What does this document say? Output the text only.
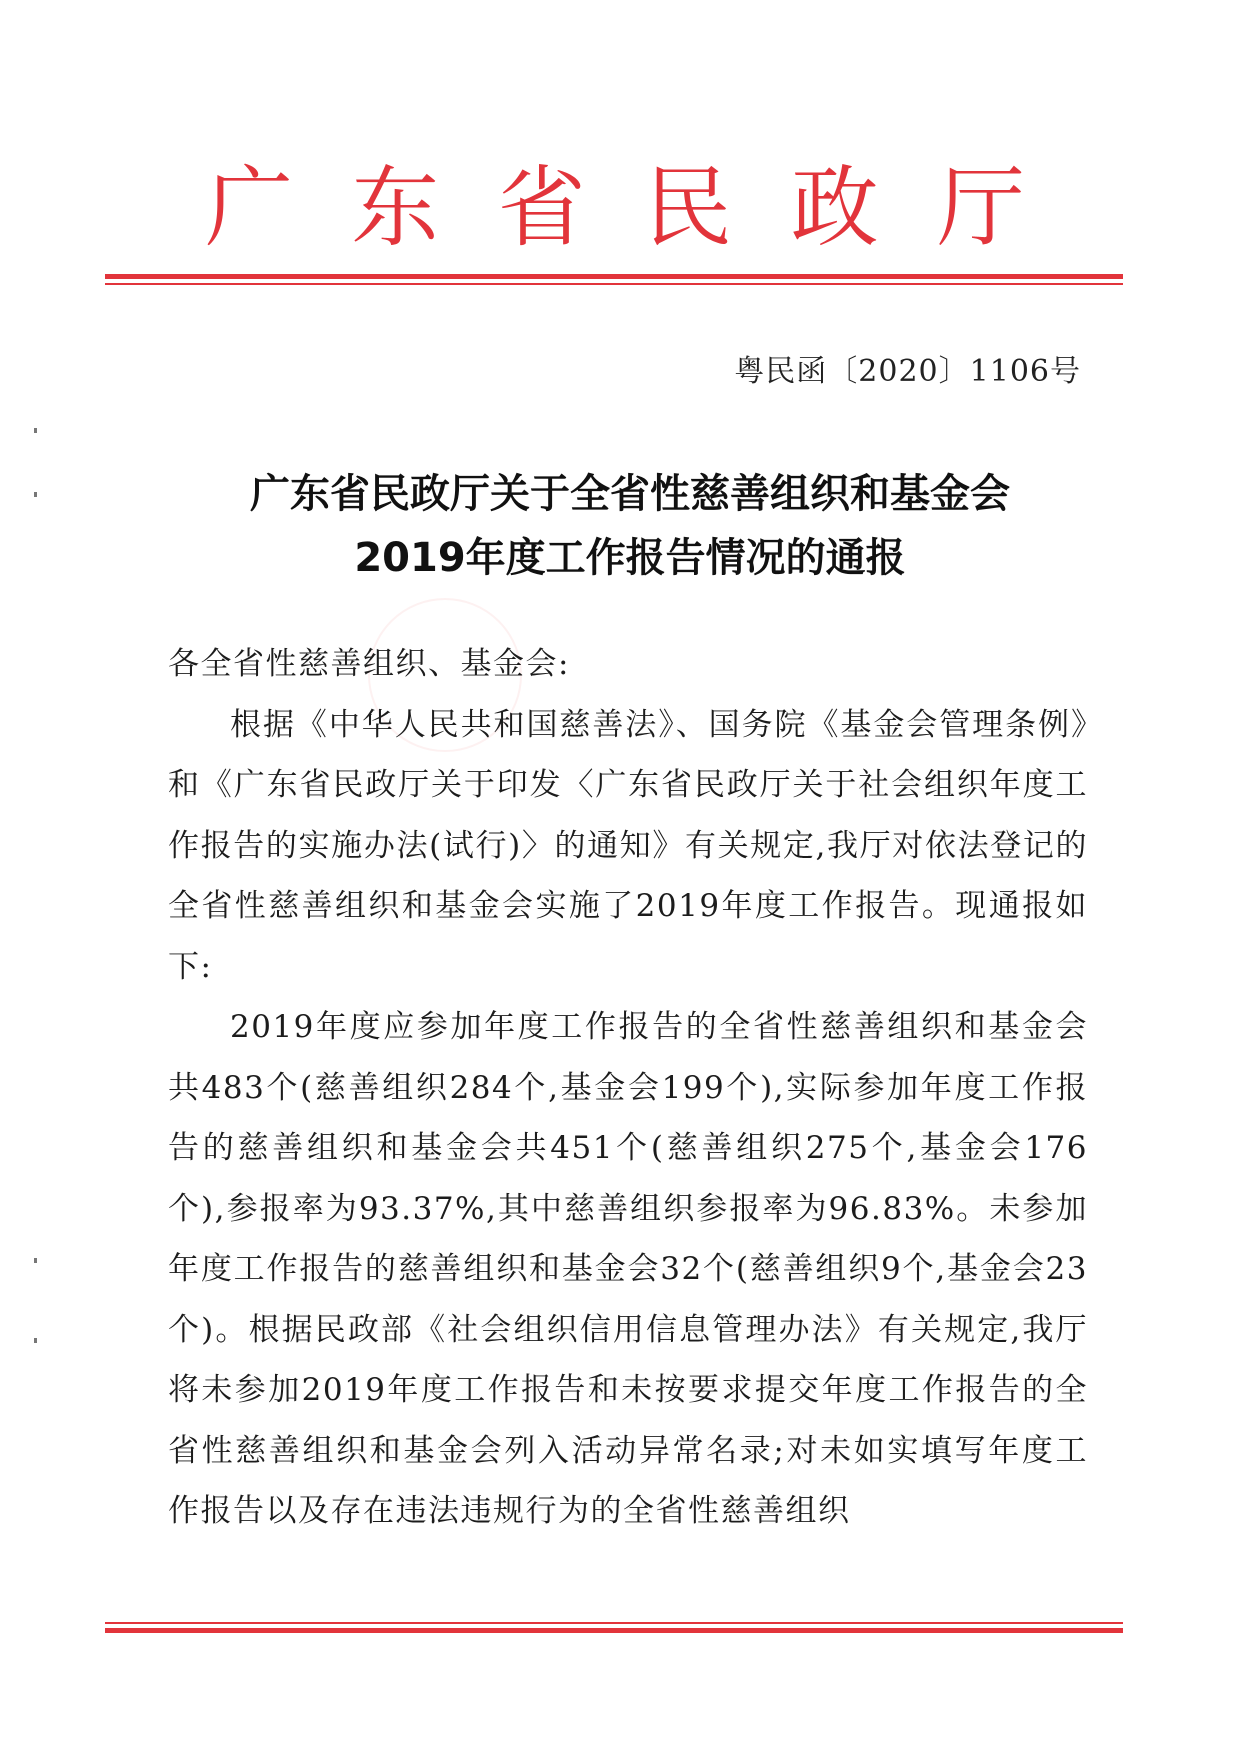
广 东 省 民 政 厅
粤民函〔2020〕1106号
广东省民政厅关于全省性慈善组织和基金会
2019年度工作报告情况的通报

各全省性慈善组织、基金会:

根据《中华人民共和国慈善法》、国务院《基金会管理条例》和《广东省民政厅关于印发〈广东省民政厅关于社会组织年度工作报告的实施办法(试行)〉的通知》有关规定,我厅对依法登记的全省性慈善组织和基金会实施了2019年度工作报告。现通报如下:

2019年度应参加年度工作报告的全省性慈善组织和基金会共483个(慈善组织284个,基金会199个),实际参加年度工作报告的慈善组织和基金会共451个(慈善组织275个,基金会176个),参报率为93.37%,其中慈善组织参报率为96.83%。未参加年度工作报告的慈善组织和基金会32个(慈善组织9个,基金会23个)。根据民政部《社会组织信用信息管理办法》有关规定,我厅将未参加2019年度工作报告和未按要求提交年度工作报告的全省性慈善组织和基金会列入活动异常名录;对未如实填写年度工作报告以及存在违法违规行为的全省性慈善组织
